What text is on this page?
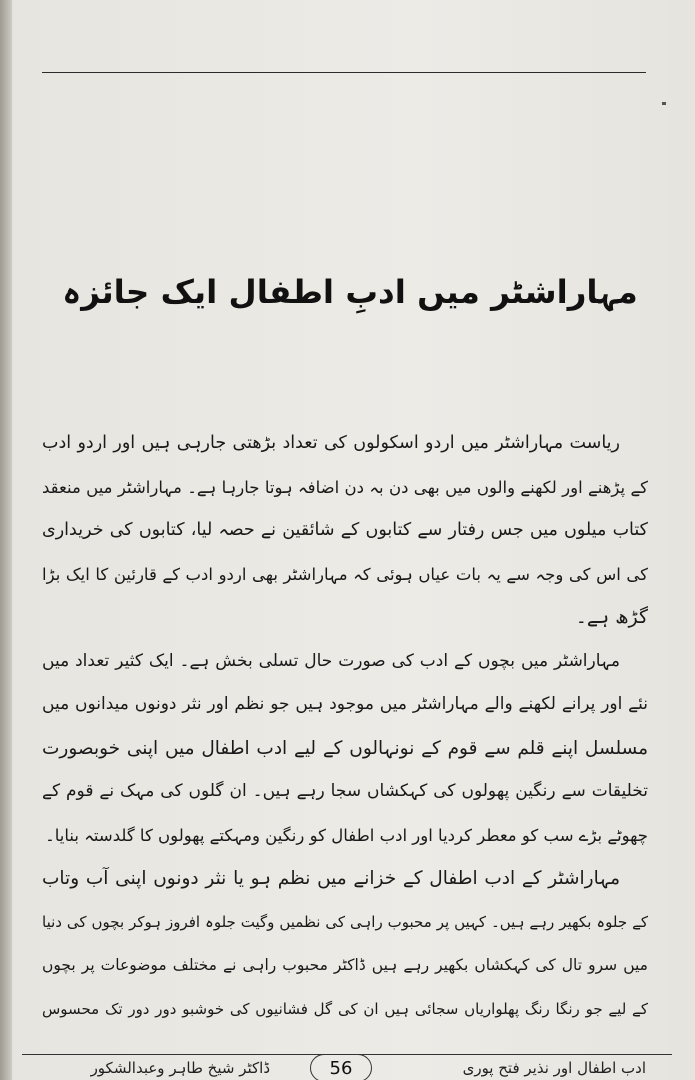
مہاراشٹر میں ادبِ اطفال ایک جائزہ
ریاست مہاراشٹر میں اردو اسکولوں کی تعداد بڑھتی جارہی ہیں اور اردو ادب
کے پڑھنے اور لکھنے والوں میں بھی دن بہ دن اضافہ ہوتا جارہا ہے۔ مہاراشٹر میں منعقد
کتاب میلوں میں جس رفتار سے کتابوں کے شائقین نے حصہ لیا، کتابوں کی خریداری
کی اس کی وجہ سے یہ بات عیاں ہوئی کہ مہاراشٹر بھی اردو ادب کے قارئین کا ایک بڑا
گڑھ ہے۔
مہاراشٹر میں بچوں کے ادب کی صورت حال تسلی بخش ہے۔ ایک کثیر تعداد میں
نئے اور پرانے لکھنے والے مہاراشٹر میں موجود ہیں جو نظم اور نثر دونوں میدانوں میں
مسلسل اپنے قلم سے قوم کے نونہالوں کے لیے ادب اطفال میں اپنی خوبصورت
تخلیقات سے رنگین پھولوں کی کہکشاں سجا رہے ہیں۔ ان گلوں کی مہک نے قوم کے
چھوٹے بڑے سب کو معطر کردیا اور ادب اطفال کو رنگین ومہکتے پھولوں کا گلدستہ بنایا۔
مہاراشٹر کے ادب اطفال کے خزانے میں نظم ہو یا نثر دونوں اپنی آب وتاب
کے جلوہ بکھیر رہے ہیں۔ کہیں پر محبوب راہی کی نظمیں وگیت جلوہ افروز ہوکر بچوں کی دنیا
میں سرو تال کی کہکشاں بکھیر رہے ہیں ڈاکٹر محبوب راہی نے مختلف موضوعات پر بچوں
کے لیے جو رنگا رنگ پھلواریاں سجائی ہیں ان کی گل فشانیوں کی خوشبو دور دور تک محسوس
ادب اطفال اور نذیر فتح پوری
56
ڈاکٹر شیخ طاہر وعبدالشکور
